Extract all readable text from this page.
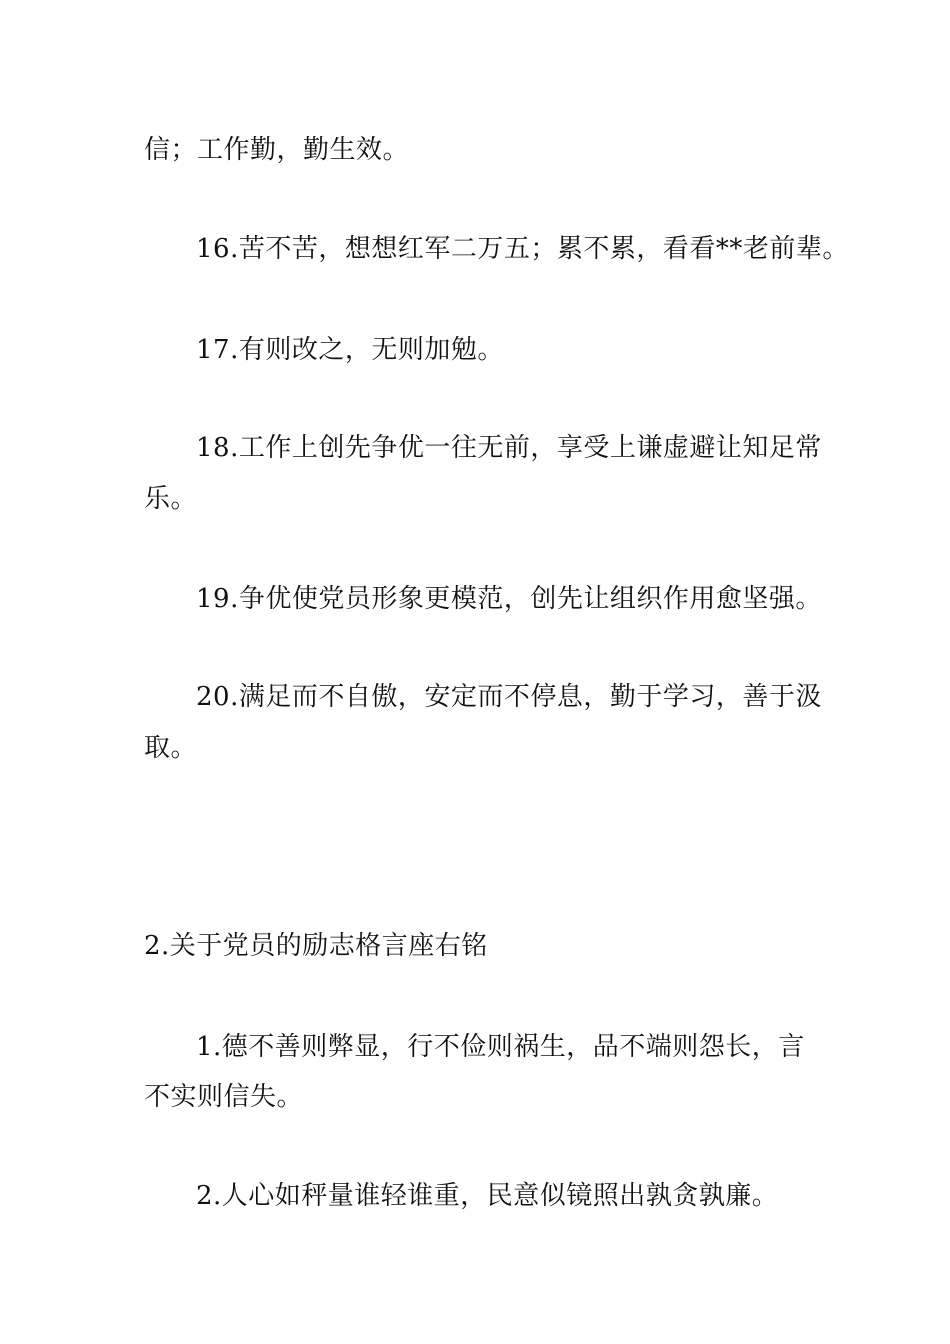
信；工作勤，勤生效。
16.苦不苦，想想红军二万五；累不累，看看**老前辈。
17.有则改之，无则加勉。
18.工作上创先争优一往无前，享受上谦虚避让知足常
乐。
19.争优使党员形象更模范，创先让组织作用愈坚强。
20.满足而不自傲，安定而不停息，勤于学习，善于汲
取。
2.关于党员的励志格言座右铭
1.德不善则弊显，行不俭则祸生，品不端则怨长，言
不实则信失。
2.人心如秤量谁轻谁重，民意似镜照出孰贪孰廉。
